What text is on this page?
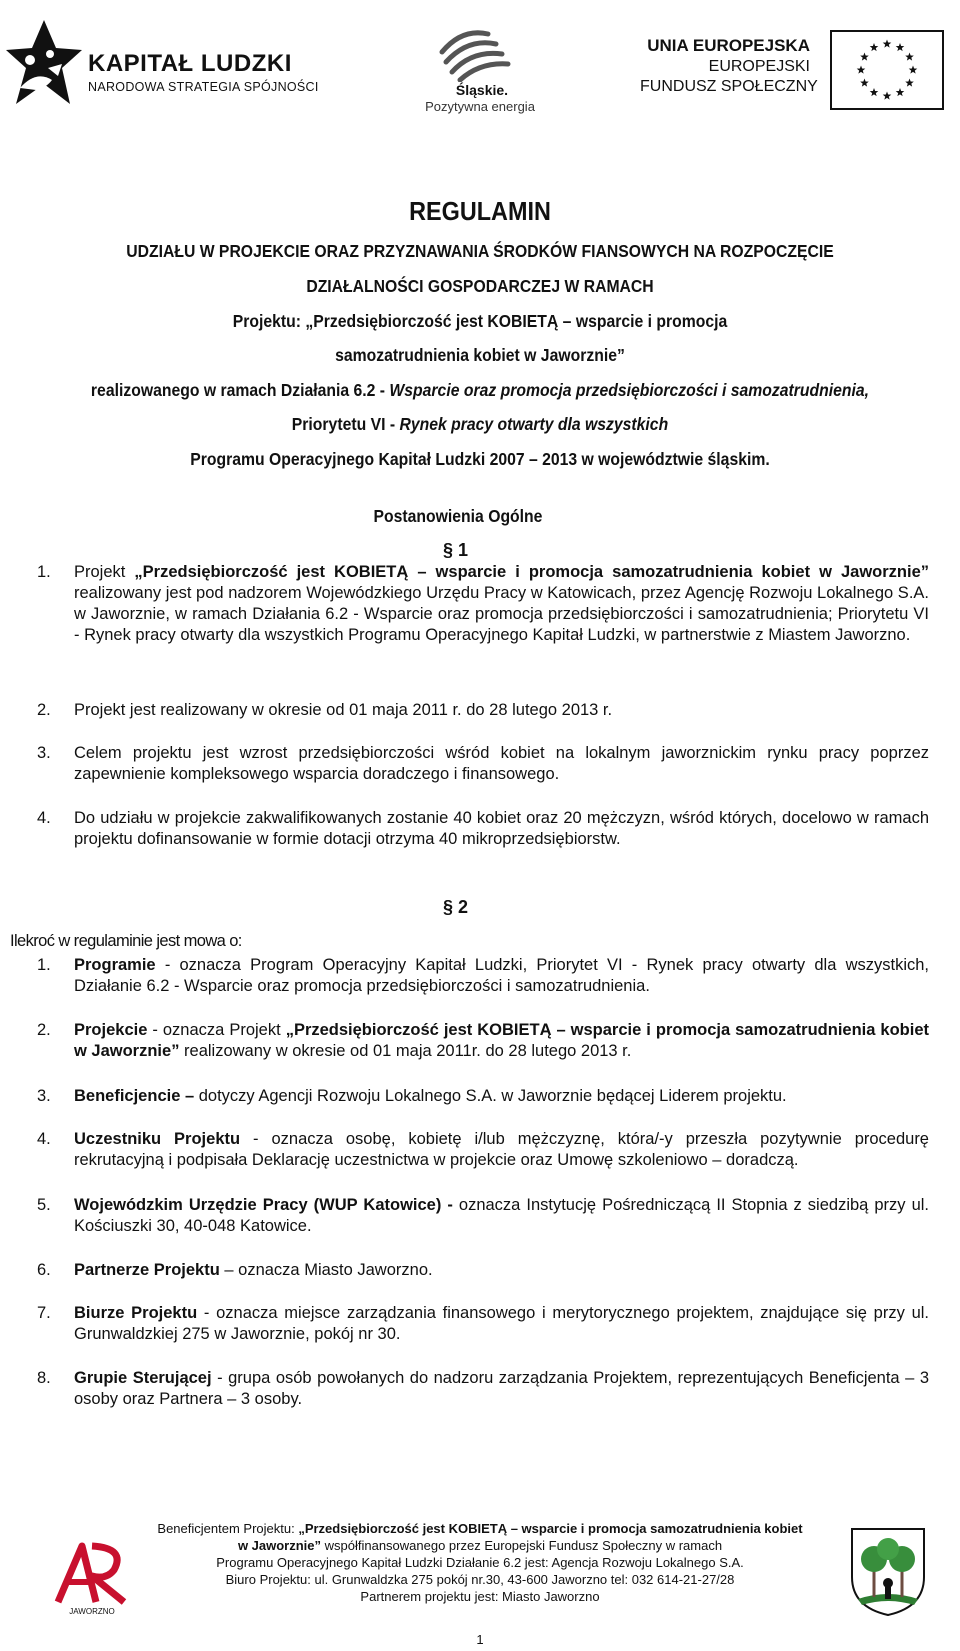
KAPITAŁ LUDZKI
NARODOWA STRATEGIA SPÓJNOŚCI	Śląskie.
Pozytywna energia
UNIA EUROPEJSKA
EUROPEJSKI
FUNDUSZ SPOŁECZNY
REGULAMIN
UDZIAŁU W PROJEKCIE ORAZ PRZYZNAWANIA ŚRODKÓW FIANSOWYCH NA ROZPOCZĘCIE
DZIAŁALNOŚCI GOSPODARCZEJ W RAMACH
Projektu: „Przedsiębiorczość jest KOBIETĄ – wsparcie i promocja
samozatrudnienia kobiet w Jaworznie”
realizowanego w ramach Działania 6.2 - Wsparcie oraz promocja przedsiębiorczości i samozatrudnienia,
Priorytetu VI - Rynek pracy otwarty dla wszystkich
Programu Operacyjnego Kapitał Ludzki 2007 – 2013 w województwie śląskim.
Postanowienia Ogólne
§ 1
1. Projekt „Przedsiębiorczość jest KOBIETĄ – wsparcie i promocja samozatrudnienia kobiet w Jaworznie” realizowany jest pod nadzorem Wojewódzkiego Urzędu Pracy w Katowicach, przez Agencję Rozwoju Lokalnego S.A. w Jaworznie, w ramach Działania 6.2 - Wsparcie oraz promocja przedsiębiorczości i samozatrudnienia; Priorytetu VI - Rynek pracy otwarty dla wszystkich Programu Operacyjnego Kapitał Ludzki, w partnerstwie z Miastem Jaworzno.
2. Projekt jest realizowany w okresie od 01 maja 2011 r. do 28 lutego 2013 r.
3. Celem projektu jest wzrost przedsiębiorczości wśród kobiet na lokalnym jaworznickim rynku pracy poprzez zapewnienie kompleksowego wsparcia doradczego i finansowego.
4. Do udziału w projekcie zakwalifikowanych zostanie 40 kobiet oraz 20 mężczyzn, wśród których, docelowo w ramach projektu dofinansowanie w formie dotacji otrzyma 40 mikroprzedsiębiorstw.
§ 2
Ilekroć w regulaminie jest mowa o:
1. Programie - oznacza Program Operacyjny Kapitał Ludzki, Priorytet VI - Rynek pracy otwarty dla wszystkich, Działanie 6.2 - Wsparcie oraz promocja przedsiębiorczości i samozatrudnienia.
2. Projekcie - oznacza Projekt „Przedsiębiorczość jest KOBIETĄ – wsparcie i promocja samozatrudnienia kobiet w Jaworznie” realizowany w okresie od 01 maja 2011r. do 28 lutego 2013 r.
3. Beneficjencie – dotyczy Agencji Rozwoju Lokalnego S.A. w Jaworznie będącej Liderem projektu.
4. Uczestniku Projektu - oznacza osobę, kobietę i/lub mężczyznę, która/-y przeszła pozytywnie procedurę rekrutacyjną i podpisała Deklarację uczestnictwa w projekcie oraz Umowę szkoleniowo – doradczą.
5. Wojewódzkim Urzędzie Pracy (WUP Katowice) - oznacza Instytucję Pośredniczącą II Stopnia z siedzibą przy ul. Kościuszki 30, 40-048 Katowice.
6. Partnerze Projektu – oznacza Miasto Jaworzno.
7. Biurze Projektu - oznacza miejsce zarządzania finansowego i merytorycznego projektem, znajdujące się przy ul. Grunwaldzkiej 275 w Jaworznie, pokój nr 30.
8. Grupie Sterującej - grupa osób powołanych do nadzoru zarządzania Projektem, reprezentujących Beneficjenta – 3 osoby oraz Partnera – 3 osoby.
JAWORZNO
Beneficjentem Projektu: „Przedsiębiorczość jest KOBIETĄ – wsparcie i promocja samozatrudnienia kobiet
w Jaworznie” współfinansowanego przez Europejski Fundusz Społeczny w ramach
Programu Operacyjnego Kapitał Ludzki Działanie 6.2 jest: Agencja Rozwoju Lokalnego S.A.
Biuro Projektu: ul. Grunwaldzka 275 pokój nr.30, 43-600 Jaworzno tel: 032 614-21-27/28
Partnerem projektu jest: Miasto Jaworzno
1
